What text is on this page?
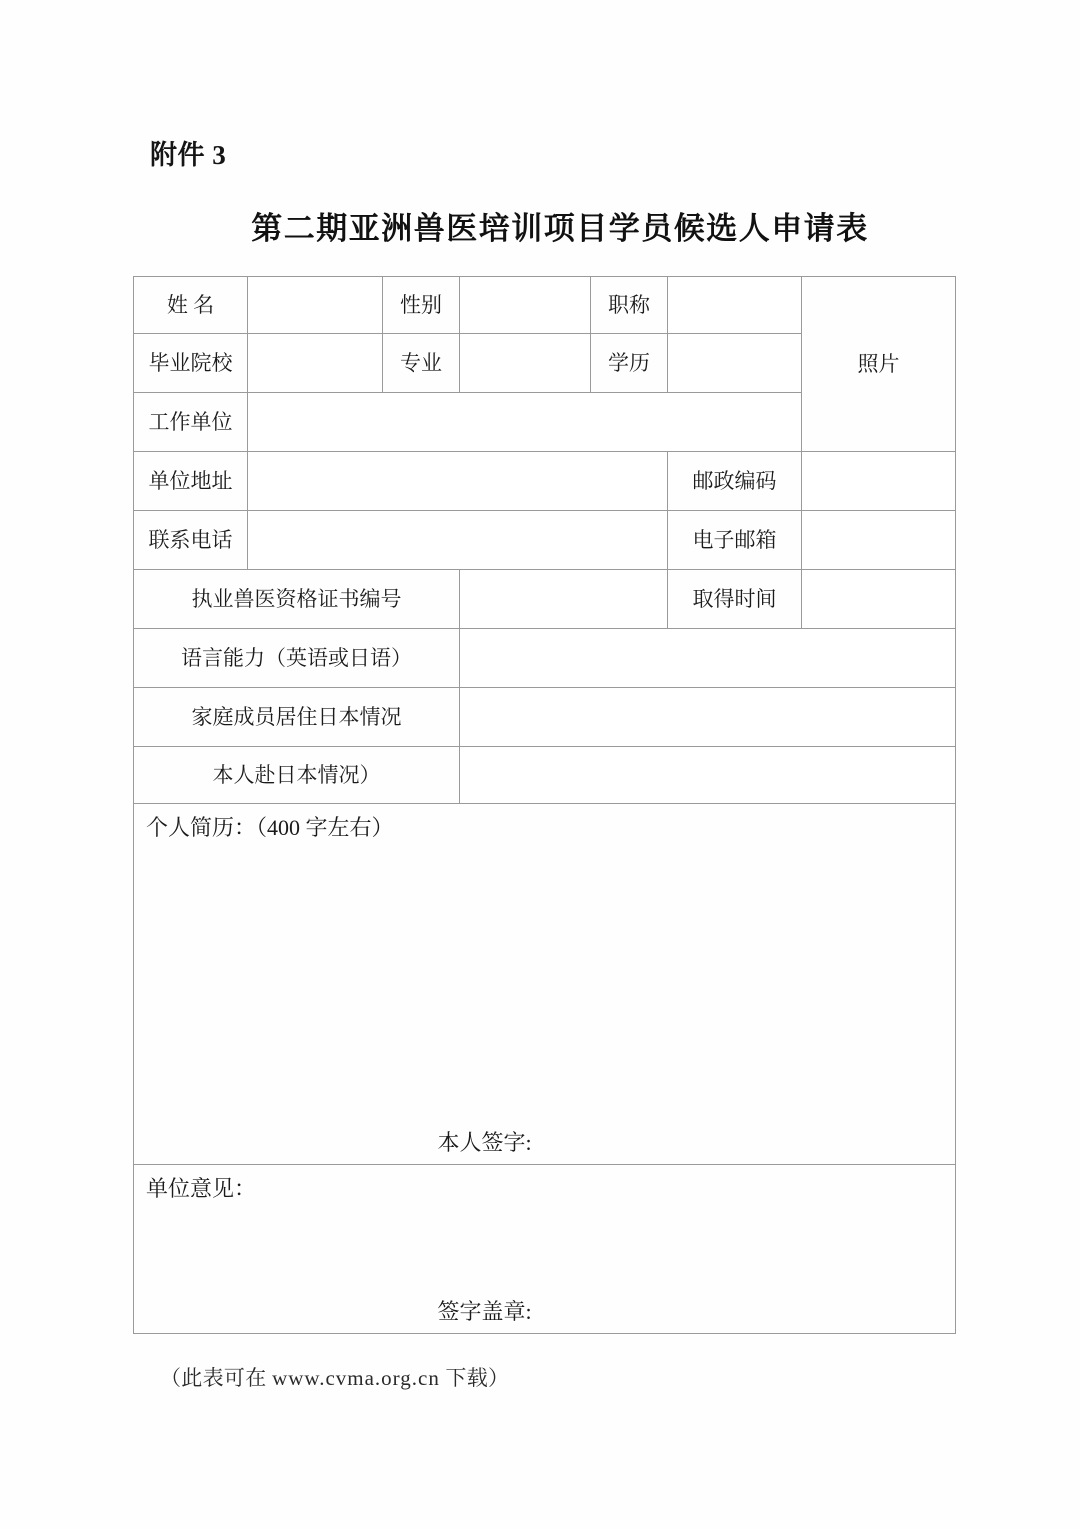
附件 3
第二期亚洲兽医培训项目学员候选人申请表
姓 名		性别		职称		照片
毕业院校		专业		学历		
工作单位						
单位地址					邮政编码	
联系电话					电子邮箱	
执业兽医资格证书编号					取得时间	
语言能力（英语或日语）						
家庭成员居住日本情况						
本人赴日本情况）						

个人简历：（400 字左右）
本人签字:						

单位意见：
签字盖章:						
（此表可在 www.cvma.org.cn 下载）
